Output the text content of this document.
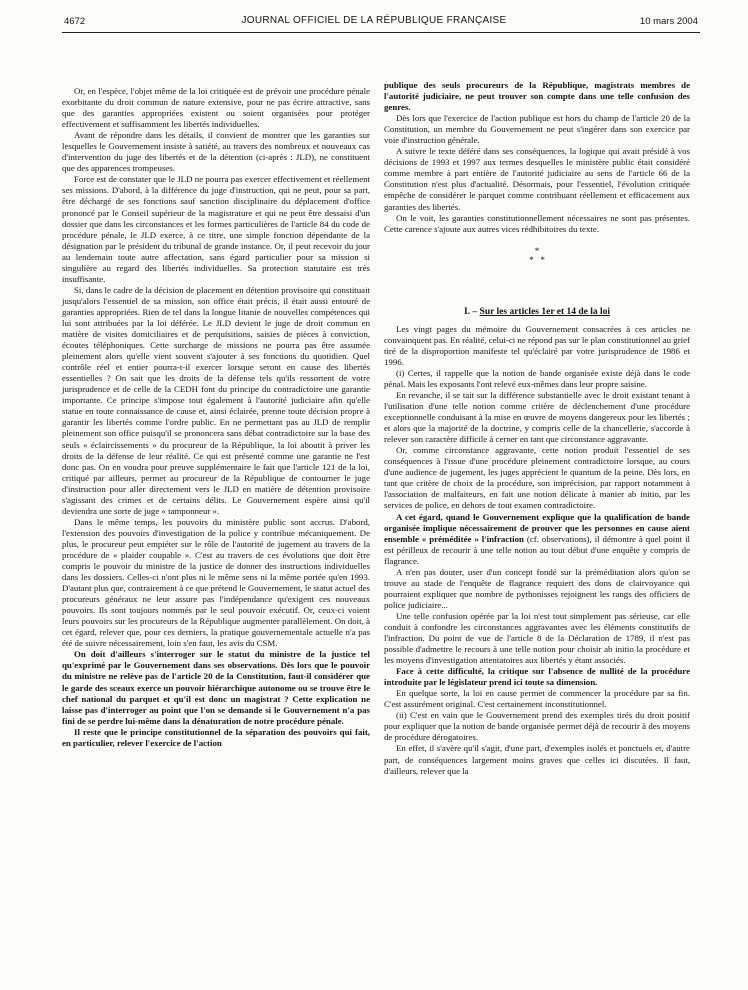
4672	JOURNAL OFFICIEL DE LA RÉPUBLIQUE FRANÇAISE	10 mars 2004

Or, en l'espèce, l'objet même de la loi critiquée est de prévoir une procédure pénale exorbitante du droit commun de nature extensive, pour ne pas écrire attractive, sans que des garanties appropriées existent ou soient organisées pour protéger effectivement et suffisamment les libertés individuelles.

Avant de répondre dans les détails, il convient de montrer que les garanties sur lesquelles le Gouvernement insiste à satiété, au travers des nombreux et nouveaux cas d'intervention du juge des libertés et de la détention (ci-après : JLD), ne constituent que des apparences trompeuses.

Force est de constater que le JLD ne pourra pas exercer effectivement et réellement ses missions. D'abord, à la différence du juge d'instruction, qui ne peut, pour sa part, être déchargé de ses fonctions sauf sanction disciplinaire du déplacement d'office prononcé par le Conseil supérieur de la magistrature et qui ne peut être dessaisi d'un dossier que dans les circonstances et les formes particulières de l'article 84 du code de procédure pénale, le JLD exerce, à ce titre, une simple fonction dépendante de la désignation par le président du tribunal de grande instance. Or, il peut recevoir du jour au lendemain toute autre affectation, sans égard particulier pour sa mission si singulière au regard des libertés individuelles. Sa protection statutaire est très insuffisante.

Si, dans le cadre de la décision de placement en détention provisoire qui constituait jusqu'alors l'essentiel de sa mission, son office était précis, il était aussi entouré de garanties appropriées. Rien de tel dans la longue litanie de nouvelles compétences qui lui sont attribuées par la loi déférée. Le JLD devient le juge de droit commun en matière de visites domiciliaires et de perquisitions, saisies de pièces à conviction, écoutes téléphoniques. Cette surcharge de missions ne pourra pas être assumée pleinement alors qu'elle vient souvent s'ajouter à ses fonctions du quotidien. Quel contrôle réel et entier pourra-t-il exercer lorsque seront en cause des libertés essentielles ? On sait que les droits de la défense tels qu'ils ressortent de votre jurisprudence et de celle de la CEDH font du principe du contradictoire une garantie importante. Ce principe s'impose tout également à l'autorité judiciaire afin qu'elle statue en toute connaissance de cause et, ainsi éclairée, prenne toute décision propre à garantir les libertés comme l'ordre public. En ne permettant pas au JLD de remplir pleinement son office puisqu'il se prononcera sans débat contradictoire sur la base des seuls « éclaircissements » du procureur de la République, la loi aboutit à priver les droits de la défense de leur réalité. Ce qui est présenté comme une garantie ne l'est donc pas. On en voudra pour preuve supplémentaire le fait que l'article 121 de la loi, critiqué par ailleurs, permet au procureur de la République de contourner le juge d'instruction pour aller directement vers le JLD en matière de détention provisoire s'agissant des crimes et de certains délits. Le Gouvernement espère ainsi qu'il deviendra une sorte de juge « tamponneur ».

Dans le même temps, les pouvoirs du ministère public sont accrus. D'abord, l'extension des pouvoirs d'investigation de la police y contribue mécaniquement. De plus, le procureur peut empiéter sur le rôle de l'autorité de jugement au travers de la procédure de « plaider coupable ». C'est au travers de ces évolutions que doit être compris le pouvoir du ministre de la justice de donner des instructions individuelles dans les dossiers. Celles-ci n'ont plus ni le même sens ni la même portée qu'en 1993. D'autant plus que, contrairement à ce que prétend le Gouvernement, le statut actuel des procureurs généraux ne leur assure pas l'indépendance qu'exigent ces nouveaux pouvoirs. Ils sont toujours nommés par le seul pouvoir exécutif. Or, ceux-ci voient leurs pouvoirs sur les procureurs de la République augmenter parallèlement. On doit, à cet égard, relever que, pour ces derniers, la pratique gouvernementale actuelle n'a pas été de suivre nécessairement, loin s'en faut, les avis du CSM.

On doit d'ailleurs s'interroger sur le statut du ministre de la justice tel qu'exprimé par le Gouvernement dans ses observations. Dès lors que le pouvoir du ministre ne relève pas de l'article 20 de la Constitution, faut-il considérer que le garde des sceaux exerce un pouvoir hiérarchique autonome ou se trouve être le chef national du parquet et qu'il est donc un magistrat ? Cette explication ne laisse pas d'interroger au point que l'on se demande si le Gouvernement n'a pas fini de se perdre lui-même dans la dénaturation de notre procédure pénale.

Il reste que le principe constitutionnel de la séparation des pouvoirs qui fait, en particulier, relever l'exercice de l'action

publique des seuls procureurs de la République, magistrats membres de l'autorité judiciaire, ne peut trouver son compte dans une telle confusion des genres.

Dès lors que l'exercice de l'action publique est hors du champ de l'article 20 de la Constitution, un membre du Gouvernement ne peut s'ingérer dans son exercice par voie d'instruction générale.

A suivre le texte déféré dans ses conséquences, la logique qui avait présidé à vos décisions de 1993 et 1997 aux termes desquelles le ministère public était considéré comme membre à part entière de l'autorité judiciaire au sens de l'article 66 de la Constitution n'est plus d'actualité. Désormais, pour l'essentiel, l'évolution critiquée empêche de considérer le parquet comme contribuant réellement et efficacement aux garanties des libertés.

On le voit, les garanties constitutionnellement nécessaires ne sont pas présentes. Cette carence s'ajoute aux autres vices rédhibitoires du texte.

*
* *
I. – Sur les articles 1er et 14 de la loi

Les vingt pages du mémoire du Gouvernement consacrées à ces articles ne convainquent pas. En réalité, celui-ci ne répond pas sur le plan constitutionnel au grief tiré de la disproportion manifeste tel qu'éclairé par votre jurisprudence de 1986 et 1996.

(i) Certes, il rappelle que la notion de bande organisée existe déjà dans le code pénal. Mais les exposants l'ont relevé eux-mêmes dans leur propre saisine.

En revanche, il se tait sur la différence substantielle avec le droit existant tenant à l'utilisation d'une telle notion comme critère de déclenchement d'une procédure exceptionnelle conduisant à la mise en œuvre de moyens dangereux pour les libertés ; et alors que la majorité de la doctrine, y compris celle de la chancellerie, s'accorde à relever son caractère difficile à cerner en tant que circonstance aggravante.

Or, comme circonstance aggravante, cette notion produit l'essentiel de ses conséquences à l'issue d'une procédure pleinement contradictoire lorsque, au cours d'une audience de jugement, les juges apprécient le quantum de la peine. Dès lors, en tant que critère de choix de la procédure, son imprécision, par rapport notamment à l'association de malfaiteurs, en fait une notion délicate à manier ab initio, par les services de police, en dehors de tout examen contradictoire.

A cet égard, quand le Gouvernement explique que la qualification de bande organisée implique nécessairement de prouver que les personnes en cause aient ensemble « préméditée » l'infraction (cf. observations), il démontre à quel point il est périlleux de recourir à une telle notion au tout début d'une enquête y compris de flagrance.

A n'en pas douter, user d'un concept fondé sur la préméditation alors qu'on se trouve au stade de l'enquête de flagrance requiert des dons de clairvoyance qui pourraient expliquer que nombre de pythonisses rejoignent les rangs des officiers de police judiciaire...

Une telle confusion opérée par la loi n'est tout simplement pas sérieuse, car elle conduit à confondre les circonstances aggravantes avec les éléments constitutifs de l'infraction. Du point de vue de l'article 8 de la Déclaration de 1789, il n'est pas possible d'admettre le recours à une telle notion pour choisir ab initio la procédure et les moyens d'investigation attentatoires aux libertés y étant associés.

Face à cette difficulté, la critique sur l'absence de nullité de la procédure introduite par le législateur prend ici toute sa dimension.

En quelque sorte, la loi en cause permet de commencer la procédure par sa fin. C'est assurément original. C'est certainement inconstitutionnel.

(ii) C'est en vain que le Gouvernement prend des exemples tirés du droit positif pour expliquer que la notion de bande organisée permet déjà de recourir à des moyens de procédure dérogatoires.

En effet, il s'avère qu'il s'agit, d'une part, d'exemples isolés et ponctuels et, d'autre part, de conséquences largement moins graves que celles ici discutées. Il faut, d'ailleurs, relever que la
